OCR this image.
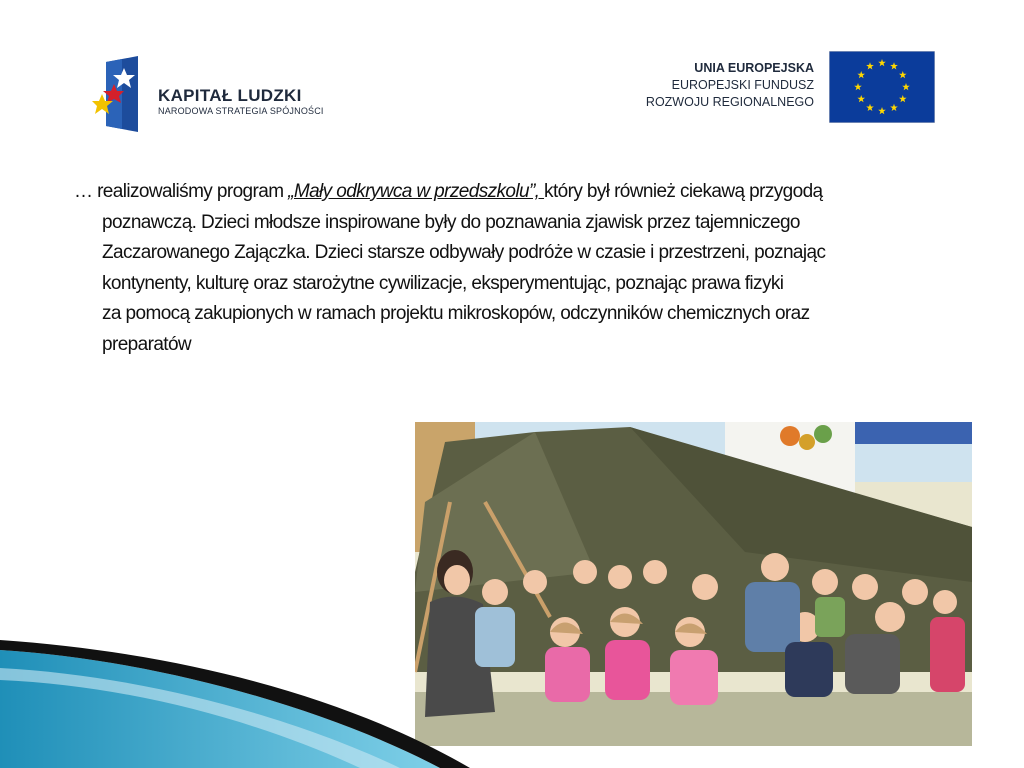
KAPITAŁ LUDZKI
NARODOWA STRATEGIA SPÓJNOŚCI
UNIA EUROPEJSKA
EUROPEJSKI FUNDUSZ
ROZWOJU REGIONALNEGO
… realizowaliśmy program „Mały odkrywca w przedszkolu”, który był również ciekawą przygodą
poznawczą. Dzieci młodsze inspirowane były do poznawania zjawisk przez tajemniczego
Zaczarowanego Zajączka. Dzieci starsze odbywały podróże w czasie i przestrzeni, poznając
kontynenty, kulturę oraz starożytne cywilizacje, eksperymentując, poznając prawa fizyki
za pomocą zakupionych w ramach projektu mikroskopów, odczynników chemicznych oraz
preparatów
